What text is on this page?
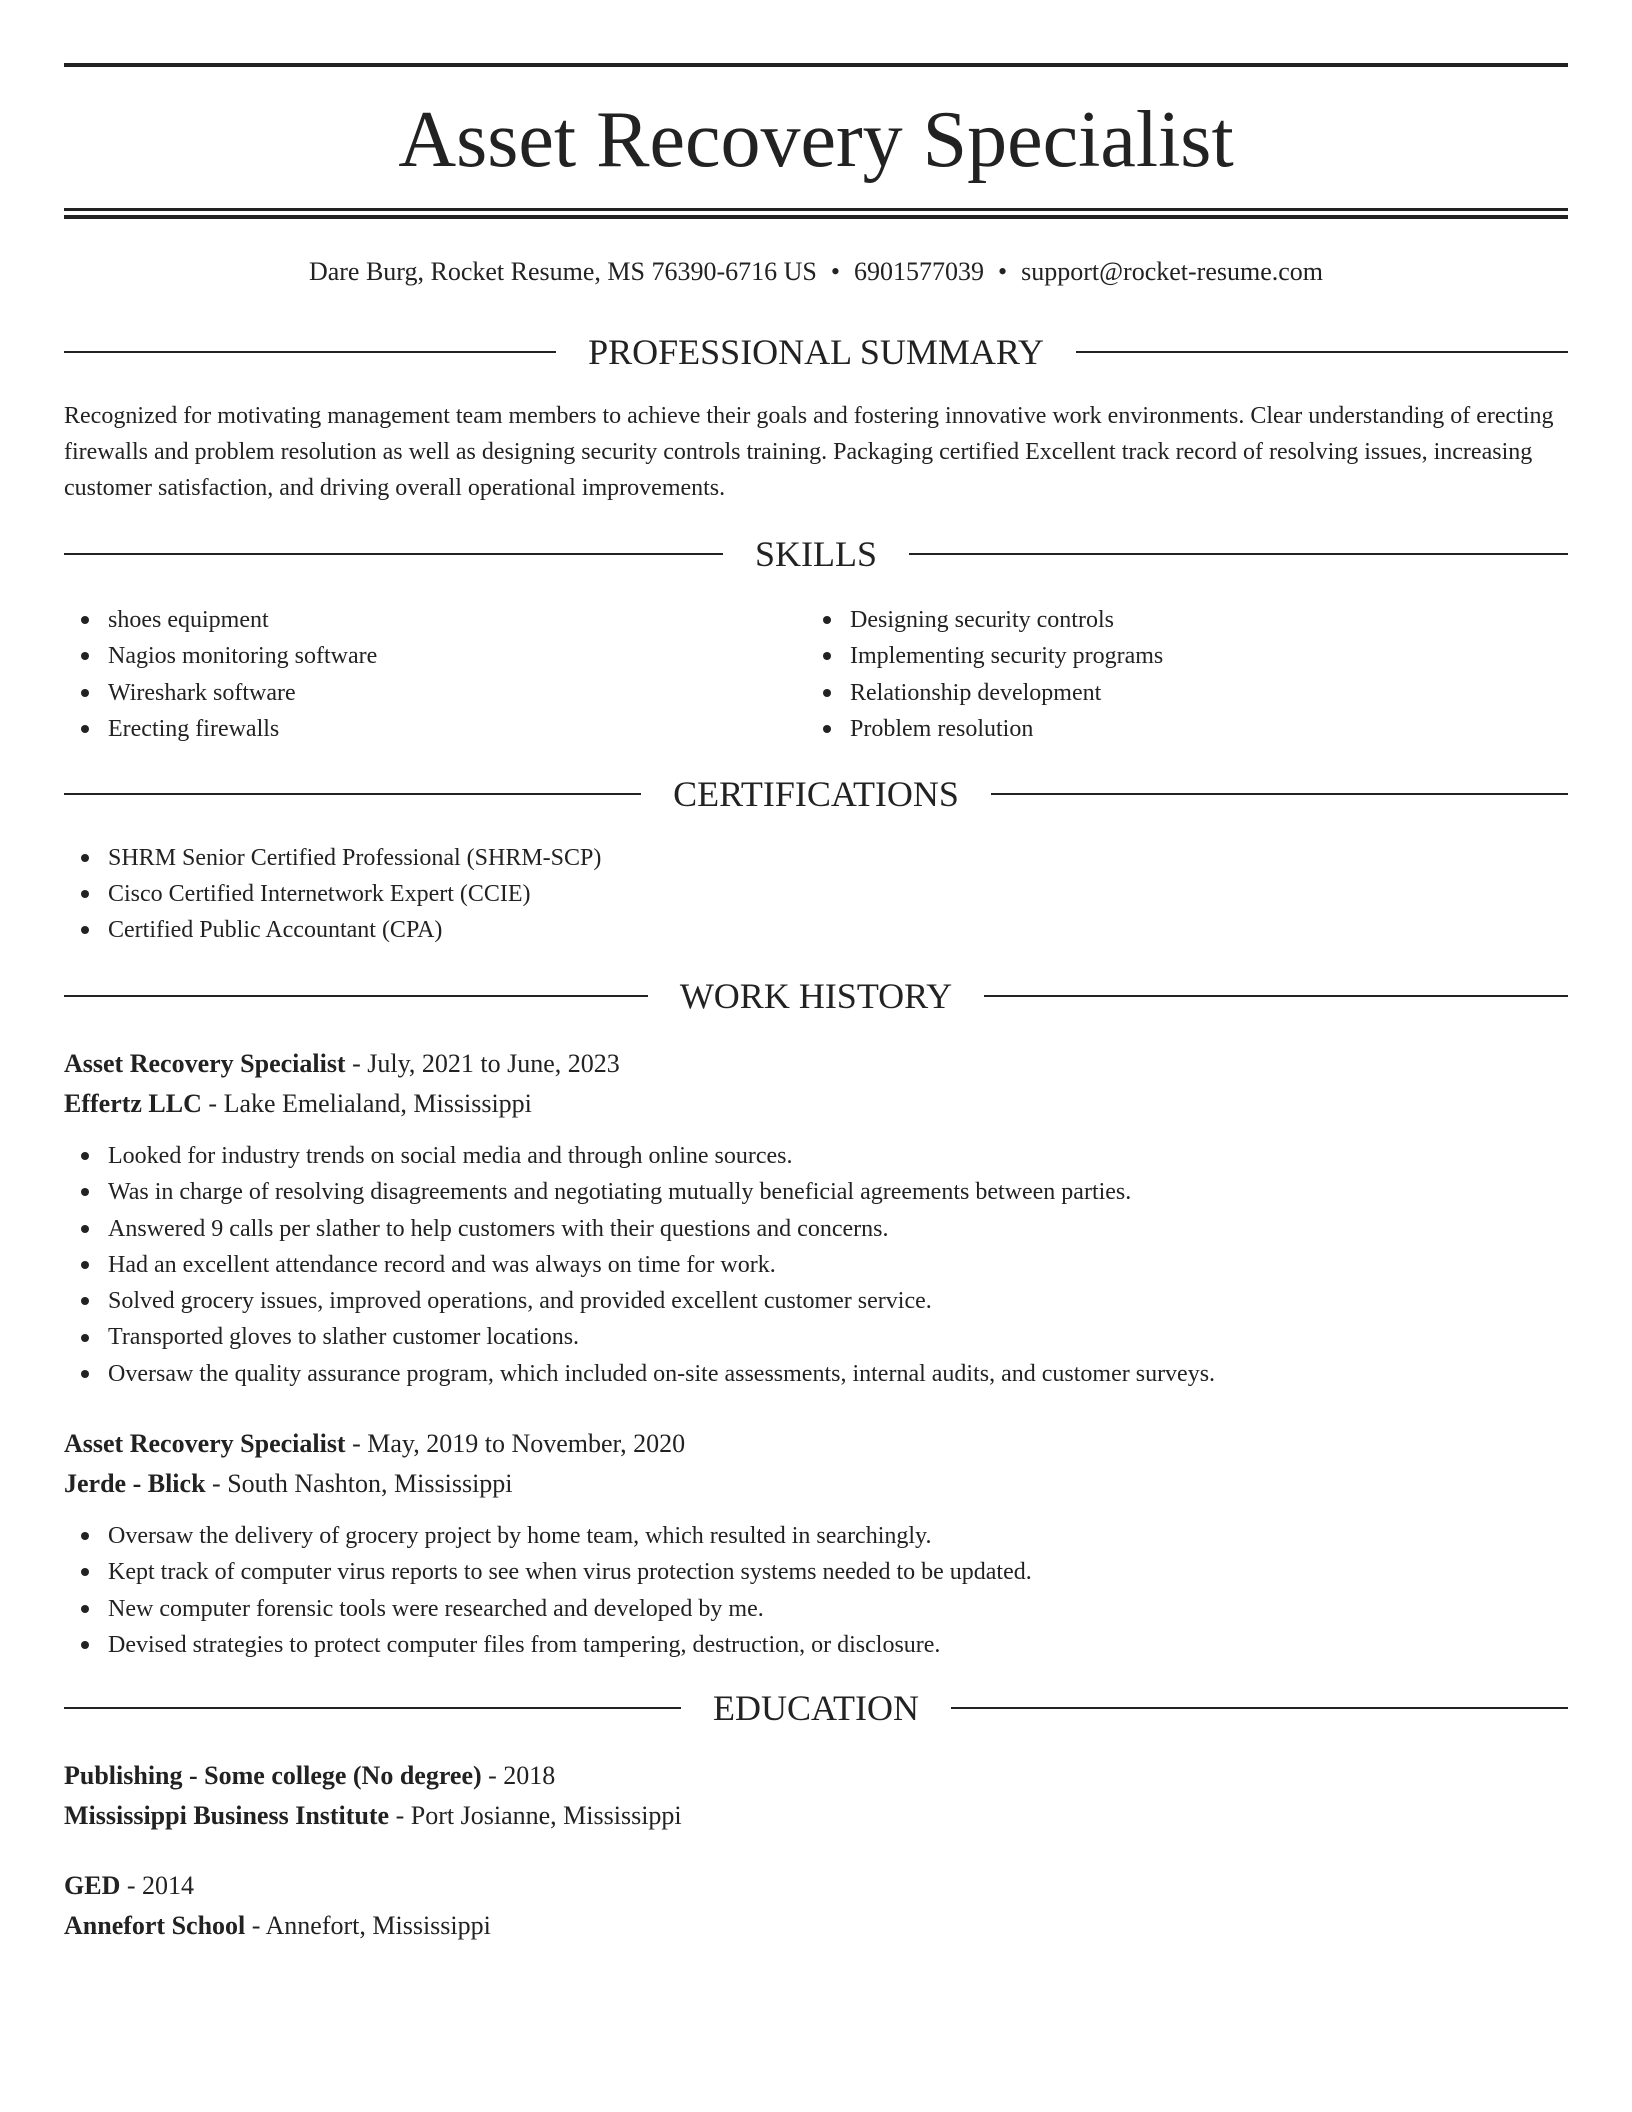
Asset Recovery Specialist
Dare Burg, Rocket Resume, MS 76390-6716 US • 6901577039 • support@rocket-resume.com
PROFESSIONAL SUMMARY

Recognized for motivating management team members to achieve their goals and fostering innovative work environments. Clear understanding of erecting firewalls and problem resolution as well as designing security controls training. Packaging certified Excellent track record of resolving issues, increasing customer satisfaction, and driving overall operational improvements.

SKILLS
shoes equipment
Nagios monitoring software
Wireshark software
Erecting firewalls
Designing security controls
Implementing security programs
Relationship development
Problem resolution
CERTIFICATIONS
SHRM Senior Certified Professional (SHRM-SCP)
Cisco Certified Internetwork Expert (CCIE)
Certified Public Accountant (CPA)
WORK HISTORY
Asset Recovery Specialist - July, 2021 to June, 2023
Effertz LLC - Lake Emelialand, Mississippi
Looked for industry trends on social media and through online sources.
Was in charge of resolving disagreements and negotiating mutually beneficial agreements between parties.
Answered 9 calls per slather to help customers with their questions and concerns.
Had an excellent attendance record and was always on time for work.
Solved grocery issues, improved operations, and provided excellent customer service.
Transported gloves to slather customer locations.
Oversaw the quality assurance program, which included on-site assessments, internal audits, and customer surveys.
Asset Recovery Specialist - May, 2019 to November, 2020
Jerde - Blick - South Nashton, Mississippi
Oversaw the delivery of grocery project by home team, which resulted in searchingly.
Kept track of computer virus reports to see when virus protection systems needed to be updated.
New computer forensic tools were researched and developed by me.
Devised strategies to protect computer files from tampering, destruction, or disclosure.
EDUCATION
Publishing - Some college (No degree) - 2018
Mississippi Business Institute - Port Josianne, Mississippi
GED - 2014
Annefort School - Annefort, Mississippi
